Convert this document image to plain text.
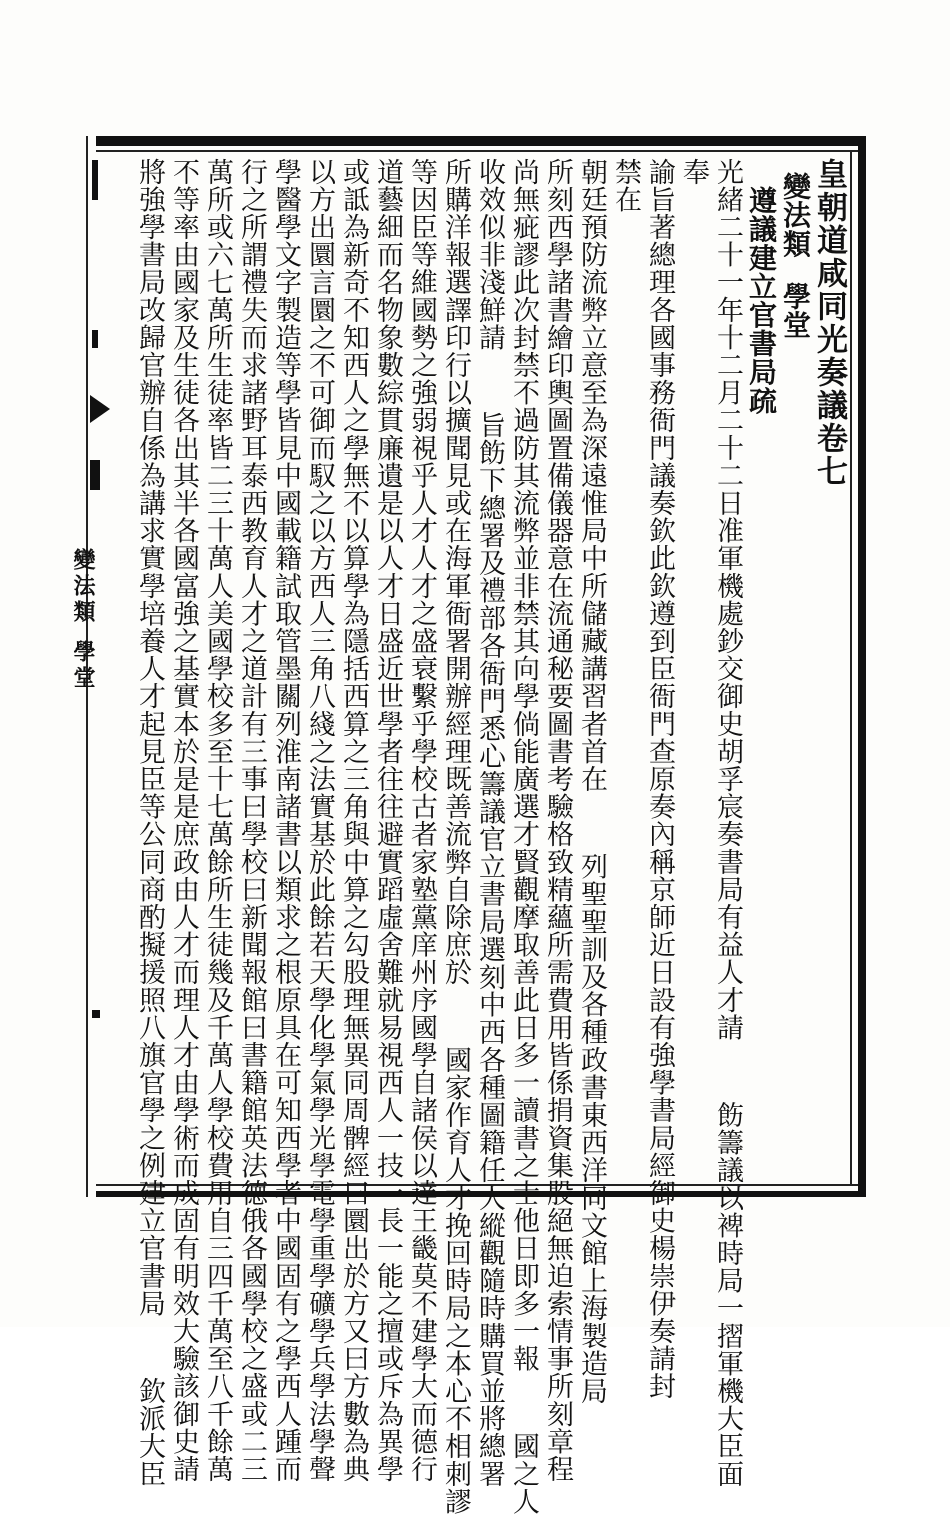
變法類
學堂
皇朝道咸同光奏議卷七
變法類學堂
遵議建立官書局疏
光緒二十一年十二月二十二日准軍機處鈔交御史胡孚宸奏書局有益人才請飭籌議以裨時局一摺軍機大臣面
奉
諭旨著總理各國事務衙門議奏欽此欽遵到臣衙門查原奏內稱京師近日設有強學書局經御史楊崇伊奏請封
禁在
朝廷預防流弊立意至為深遠惟局中所儲藏講習者首在列聖聖訓及各種政書東西洋同文館上海製造局
所刻西學諸書繪印輿圖置備儀器意在流通秘要圖書考驗格致精蘊所需費用皆係捐資集股絕無迫索情事所刻章程
尚無疵謬此次封禁不過防其流弊並非禁其向學倘能廣選才賢觀摩取善此日多一讀書之士他日即多一報國之人
收效似非淺鮮請旨飭下總署及禮部各衙門悉心籌議官立書局選刻中西各種圖籍任人縱觀隨時購買並將總署
所購洋報選譯印行以擴聞見或在海軍衙署開辦經理既善流弊自除庶於國家作育人才挽回時局之本心不相刺謬
等因臣等維國勢之強弱視乎人才人才之盛衰繫乎學校古者家塾黨庠州序國學自諸侯以達王畿莫不建學大而德行
道藝細而名物象數綜貫廉遺是以人才日盛近世學者往往避實蹈虛舍難就易視西人一技一長一能之擅或斥為異學
或詆為新奇不知西人之學無不以算學為隱括西算之三角與中算之勾股理無異同周髀經曰圜出於方又曰方數為典
以方出圜言圜之不可御而馭之以方西人三角八綫之法實基於此餘若天學化學氣學光學電學重學礦學兵學法學聲
學醫學文字製造等學皆見中國載籍試取管墨關列淮南諸書以類求之根原具在可知西學者中國固有之學西人踵而
行之所謂禮失而求諸野耳泰西教育人才之道計有三事曰學校曰新聞報館曰書籍館英法德俄各國學校之盛或二三
萬所或六七萬所生徒率皆二三十萬人美國學校多至十七萬餘所生徒幾及千萬人學校費用自三四千萬至八千餘萬
不等率由國家及生徒各出其半各國富強之基實本於是是庶政由人才而理人才由學術而成固有明效大驗該御史請
將強學書局改歸官辦自係為講求實學培養人才起見臣等公同商酌擬援照八旗官學之例建立官書局欽派大臣
